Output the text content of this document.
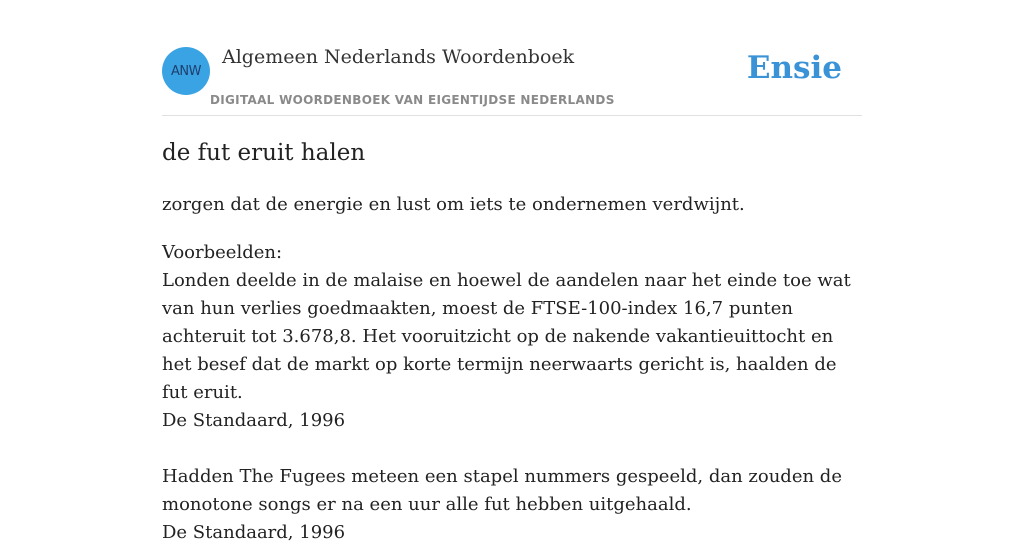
ANW
Algemeen Nederlands Woordenboek
DIGITAAL WOORDENBOEK VAN EIGENTIJDSE NEDERLANDS
Ensie
de fut eruit halen
zorgen dat de energie en lust om iets te ondernemen verdwijnt.
Voorbeelden:
Londen deelde in de malaise en hoewel de aandelen naar het einde toe wat van hun verlies goedmaakten, moest de FTSE-100-index 16,7 punten achteruit tot 3.678,8. Het vooruitzicht op de nakende vakantieuittocht en het besef dat de markt op korte termijn neerwaarts gericht is, haalden de fut eruit.
De Standaard, 1996
Hadden The Fugees meteen een stapel nummers gespeeld, dan zouden de monotone songs er na een uur alle fut hebben uitgehaald.
De Standaard, 1996
